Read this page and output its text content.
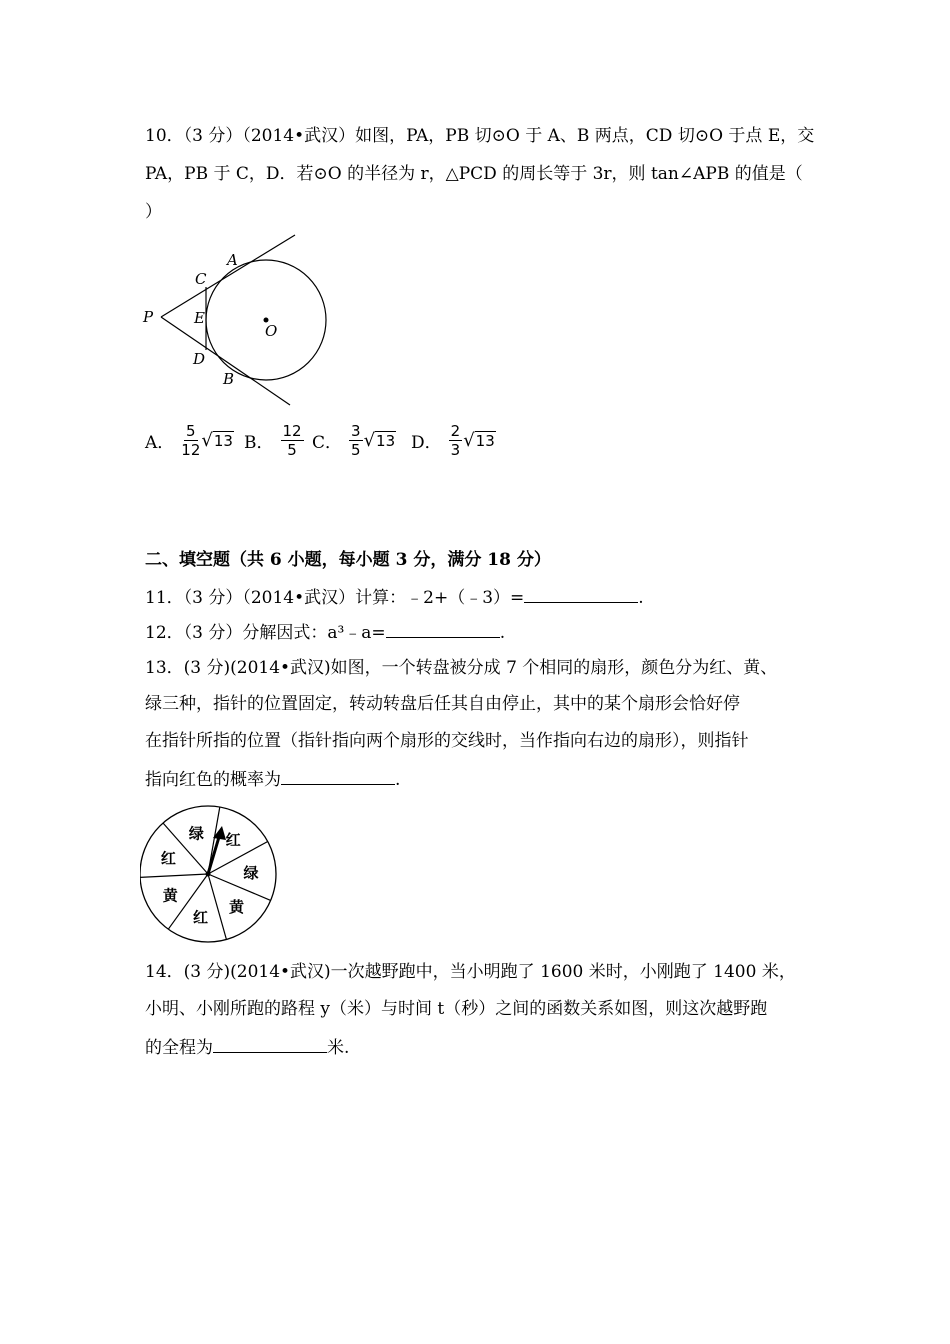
10．（3 分）（2014•武汉）如图，PA，PB 切⊙O 于 A、B 两点，CD 切⊙O 于点 E，交
PA，PB 于 C，D．若⊙O 的半径为 r，△PCD 的周长等于 3r，则 tan∠APB 的值是（
）
P
A
C
E
O
D
B
A． $\frac{5}{12} √13$ B． $\frac{12}{5}$ C． $\frac{3}{5} √13$ D． $\frac{2}{3} √13$
二、填空题（共 6 小题，每小题 3 分，满分 18 分）
11．（3 分）（2014•武汉）计算：﹣2+（﹣3）=	.
12．（3 分）分解因式：a³﹣a=	.
13．(3 分)(2014•武汉)如图，一个转盘被分成 7 个相同的扇形，颜色分为红、黄、
绿三种，指针的位置固定，转动转盘后任其自由停止，其中的某个扇形会恰好停
在指针所指的位置（指针指向两个扇形的交线时，当作指向右边的扇形），则指针
指向红色的概率为	.
红
绿
黄
红
黄
红
绿
14．(3 分)(2014•武汉)一次越野跑中，当小明跑了 1600 米时，小刚跑了 1400 米，
小明、小刚所跑的路程 y（米）与时间 t（秒）之间的函数关系如图，则这次越野跑
的全程为	米.
